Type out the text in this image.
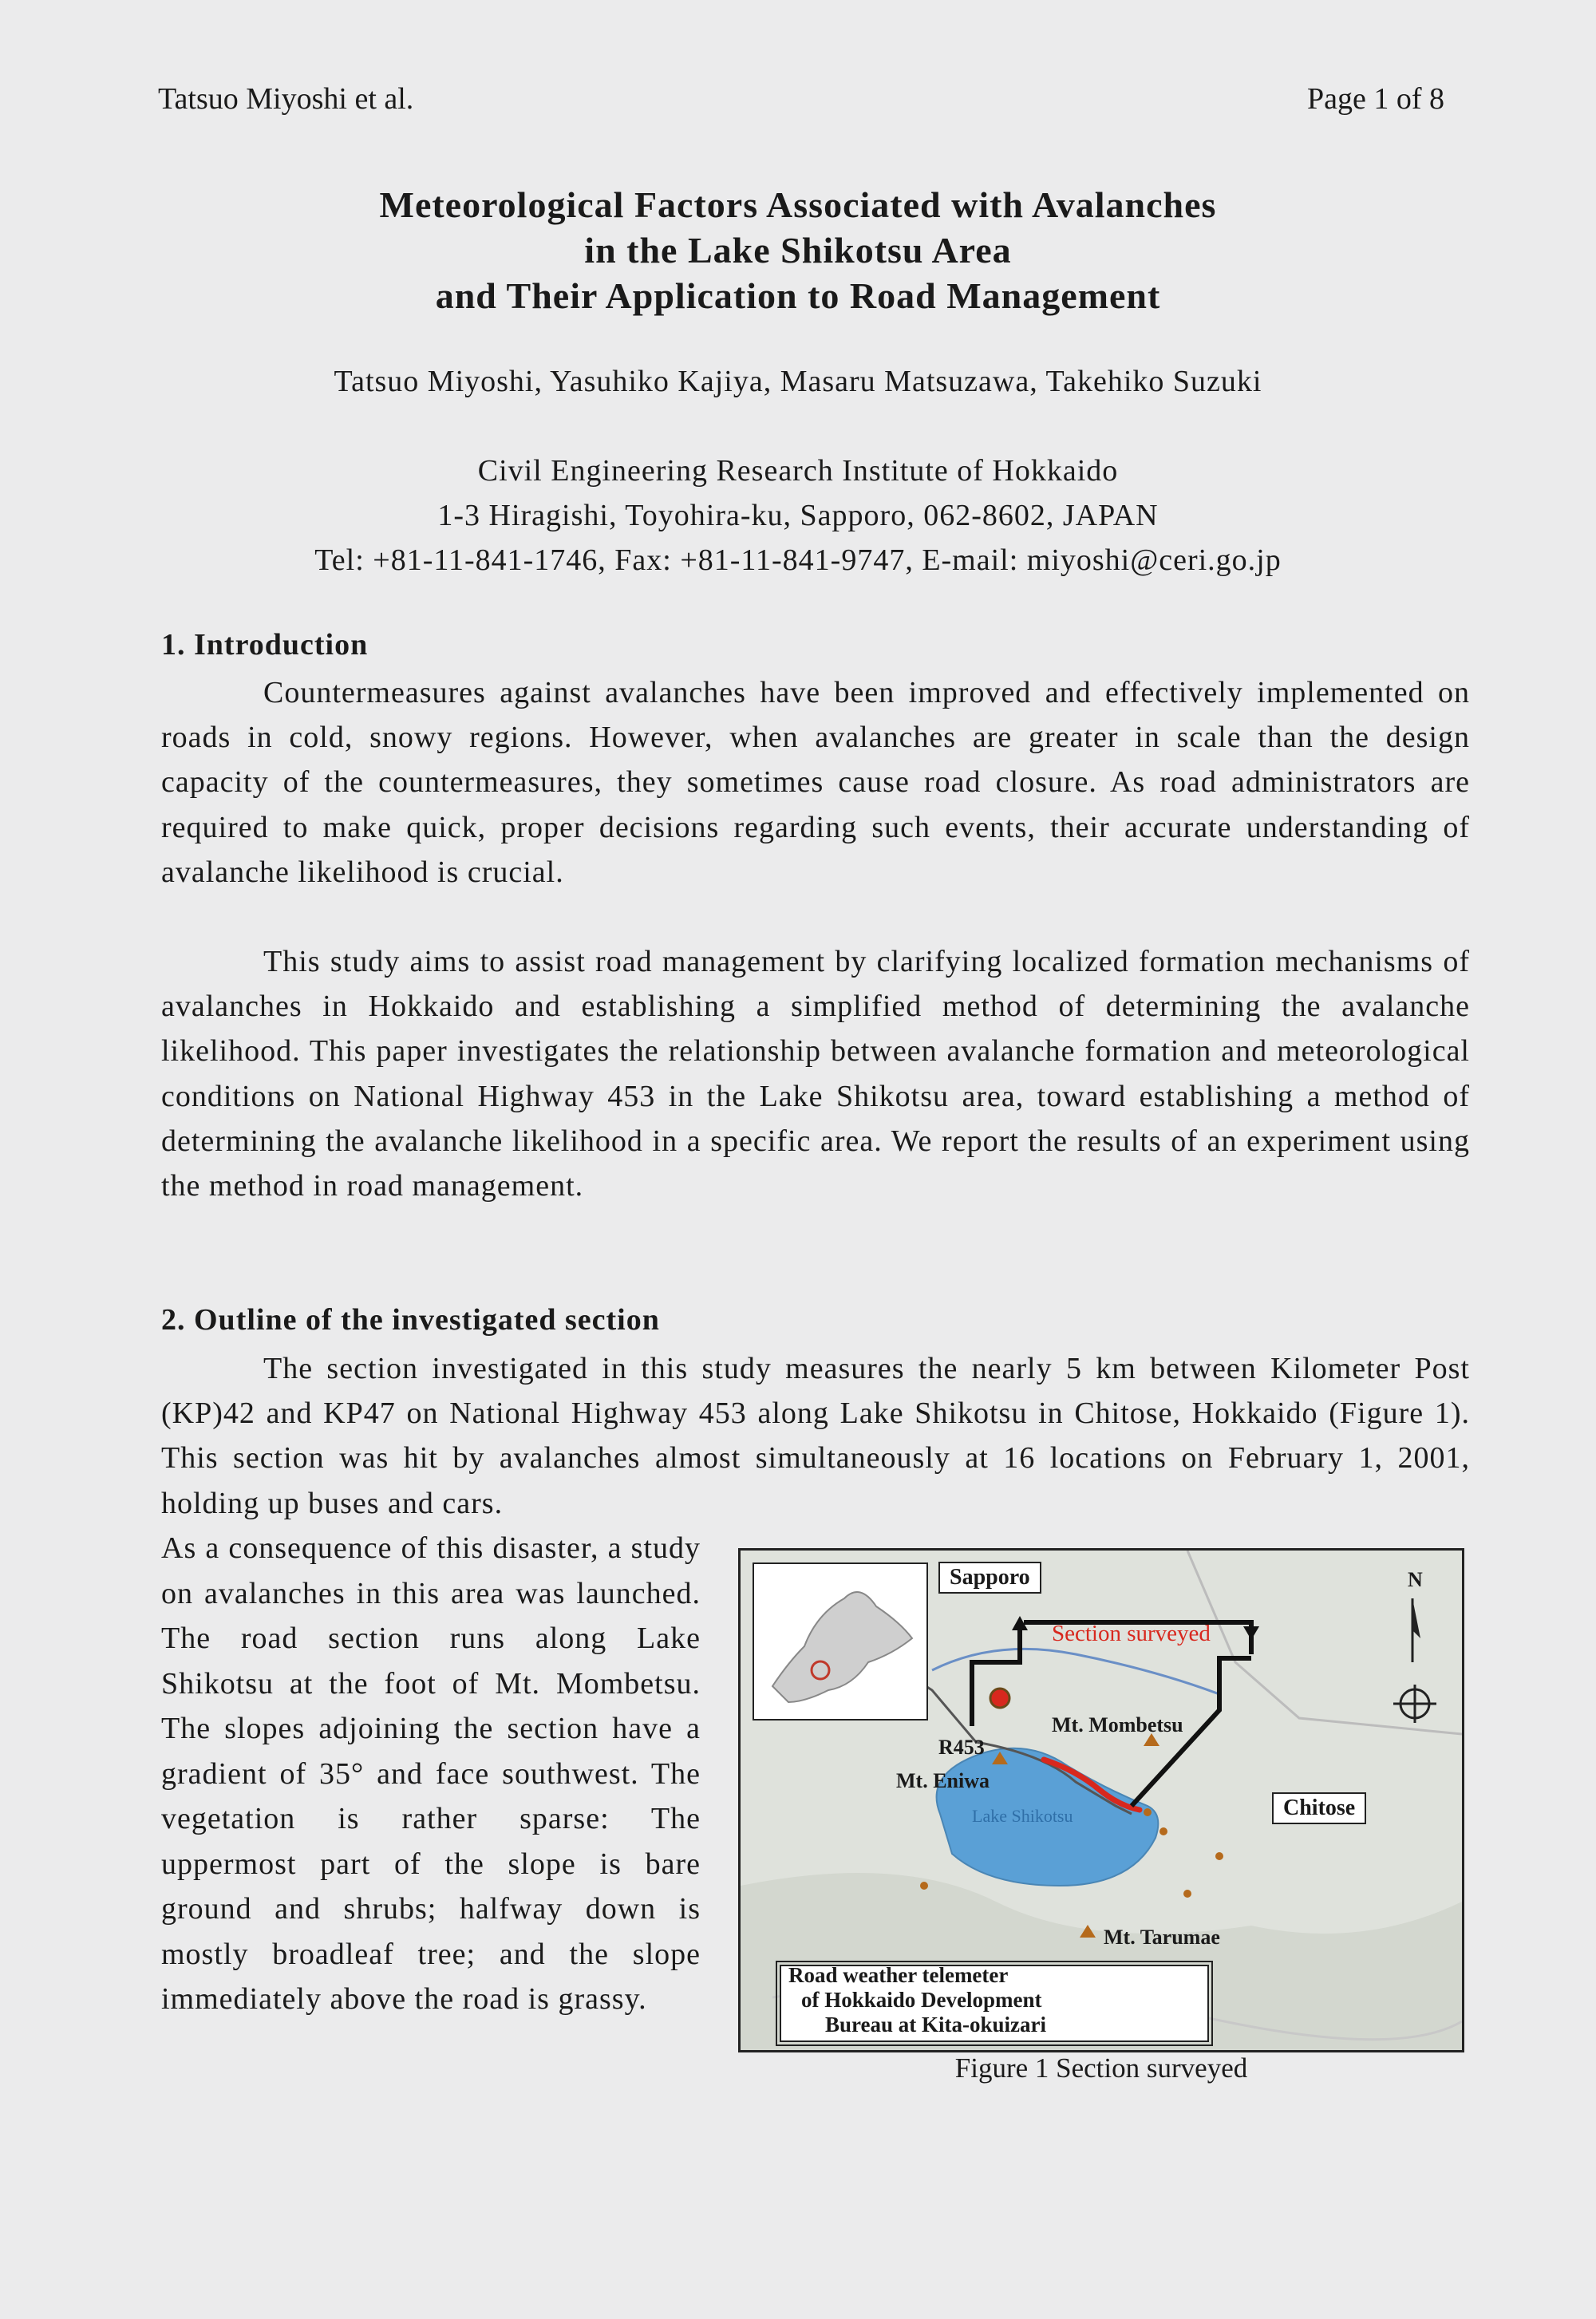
Tatsuo Miyoshi et al.	Page 1 of 8
Meteorological Factors Associated with Avalanches
in the Lake Shikotsu Area
and Their Application to Road Management
Tatsuo Miyoshi, Yasuhiko Kajiya, Masaru Matsuzawa, Takehiko Suzuki
Civil Engineering Research Institute of Hokkaido
1-3 Hiragishi, Toyohira-ku, Sapporo, 062-8602, JAPAN
Tel: +81-11-841-1746, Fax: +81-11-841-9747, E-mail: miyoshi@ceri.go.jp
1. Introduction
Countermeasures against avalanches have been improved and effectively implemented on roads in cold, snowy regions. However, when avalanches are greater in scale than the design capacity of the countermeasures, they sometimes cause road closure. As road administrators are required to make quick, proper decisions regarding such events, their accurate understanding of avalanche likelihood is crucial.
This study aims to assist road management by clarifying localized formation mechanisms of avalanches in Hokkaido and establishing a simplified method of determining the avalanche likelihood. This paper investigates the relationship between avalanche formation and meteorological conditions on National Highway 453 in the Lake Shikotsu area, toward establishing a method of determining the avalanche likelihood in a specific area. We report the results of an experiment using the method in road management.
2. Outline of the investigated section
The section investigated in this study measures the nearly 5 km between Kilometer Post (KP)42 and KP47 on National Highway 453 along Lake Shikotsu in Chitose, Hokkaido (Figure 1). This section was hit by avalanches almost simultaneously at 16 locations on February 1, 2001, holding up buses and cars.
As a consequence of this disaster, a study on avalanches in this area was launched. The road section runs along Lake Shikotsu at the foot of Mt. Mombetsu. The slopes adjoining the section have a gradient of 35° and face southwest. The vegetation is rather sparse: The uppermost part of the slope is bare ground and shrubs; halfway down is mostly broadleaf tree; and the slope immediately above the road is grassy.
Sapporo
Section surveyed
Mt. Mombetsu
R453
Mt. Eniwa
Lake Shikotsu	Chitose
Mt. Tarumae
N
Road weather telemeter
of Hokkaido Development
Bureau at Kita-okuizari
Figure 1 Section surveyed
